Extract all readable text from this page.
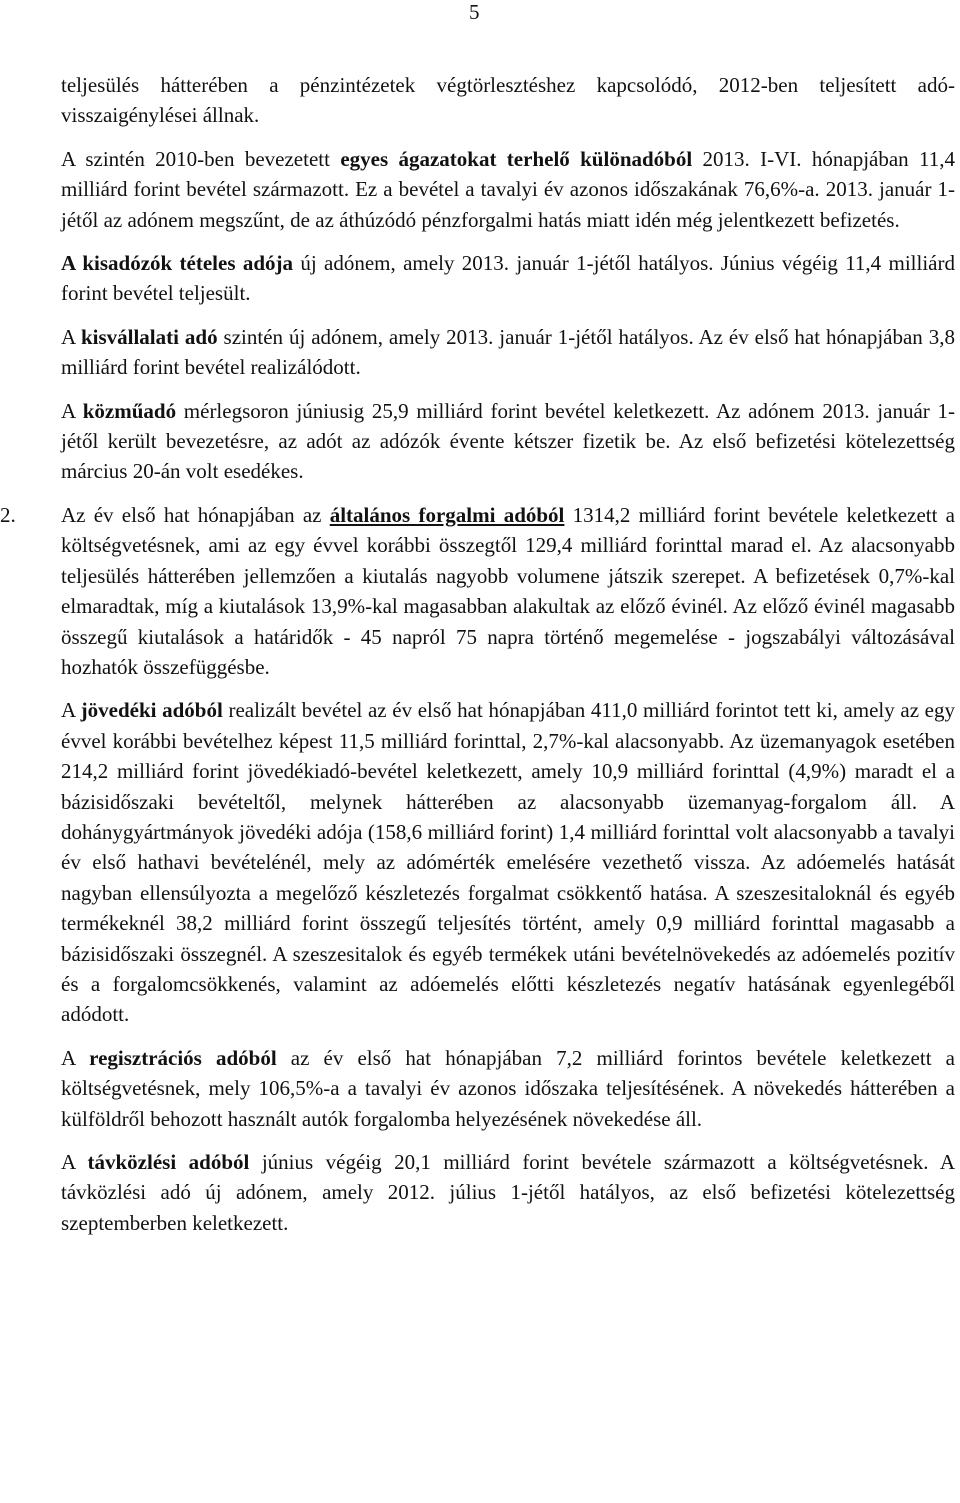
5

teljesülés hátterében a pénzintézetek végtörlesztéshez kapcsolódó, 2012-ben teljesített adó-visszaigénylései állnak.

A szintén 2010-ben bevezetett egyes ágazatokat terhelő különadóból 2013. I-VI. hónapjában 11,4 milliárd forint bevétel származott. Ez a bevétel a tavalyi év azonos időszakának 76,6%-a. 2013. január 1-jétől az adónem megszűnt, de az áthúzódó pénzforgalmi hatás miatt idén még jelentkezett befizetés.

A kisadózók tételes adója új adónem, amely 2013. január 1-jétől hatályos. Június végéig 11,4 milliárd forint bevétel teljesült.

A kisvállalati adó szintén új adónem, amely 2013. január 1-jétől hatályos. Az év első hat hónapjában 3,8 milliárd forint bevétel realizálódott.

A közműadó mérlegsoron júniusig 25,9 milliárd forint bevétel keletkezett. Az adónem 2013. január 1-jétől került bevezetésre, az adót az adózók évente kétszer fizetik be. Az első befizetési kötelezettség március 20-án volt esedékes.

2. Az év első hat hónapjában az általános forgalmi adóból 1314,2 milliárd forint bevétele keletkezett a költségvetésnek, ami az egy évvel korábbi összegtől 129,4 milliárd forinttal marad el. Az alacsonyabb teljesülés hátterében jellemzően a kiutalás nagyobb volumene játszik szerepet. A befizetések 0,7%-kal elmaradtak, míg a kiutalások 13,9%-kal magasabban alakultak az előző évinél. Az előző évinél magasabb összegű kiutalások a határidők - 45 napról 75 napra történő megemelése - jogszabályi változásával hozhatók összefüggésbe.

A jövedéki adóból realizált bevétel az év első hat hónapjában 411,0 milliárd forintot tett ki, amely az egy évvel korábbi bevételhez képest 11,5 milliárd forinttal, 2,7%-kal alacsonyabb. Az üzemanyagok esetében 214,2 milliárd forint jövedékiadó-bevétel keletkezett, amely 10,9 milliárd forinttal (4,9%) maradt el a bázisidőszaki bevételtől, melynek hátterében az alacsonyabb üzemanyag-forgalom áll. A dohánygyártmányok jövedéki adója (158,6 milliárd forint) 1,4 milliárd forinttal volt alacsonyabb a tavalyi év első hathavi bevételénél, mely az adómérték emelésére vezethető vissza. Az adóemelés hatását nagyban ellensúlyozta a megelőző készletezés forgalmat csökkentő hatása. A szeszesitaloknál és egyéb termékeknél 38,2 milliárd forint összegű teljesítés történt, amely 0,9 milliárd forinttal magasabb a bázisidőszaki összegnél. A szeszesitalok és egyéb termékek utáni bevételnövekedés az adóemelés pozitív és a forgalomcsökkenés, valamint az adóemelés előtti készletezés negatív hatásának egyenlegéből adódott.

A regisztrációs adóból az év első hat hónapjában 7,2 milliárd forintos bevétele keletkezett a költségvetésnek, mely 106,5%-a a tavalyi év azonos időszaka teljesítésének. A növekedés hátterében a külföldről behozott használt autók forgalomba helyezésének növekedése áll.

A távközlési adóból június végéig 20,1 milliárd forint bevétele származott a költségvetésnek. A távközlési adó új adónem, amely 2012. július 1-jétől hatályos, az első befizetési kötelezettség szeptemberben keletkezett.
